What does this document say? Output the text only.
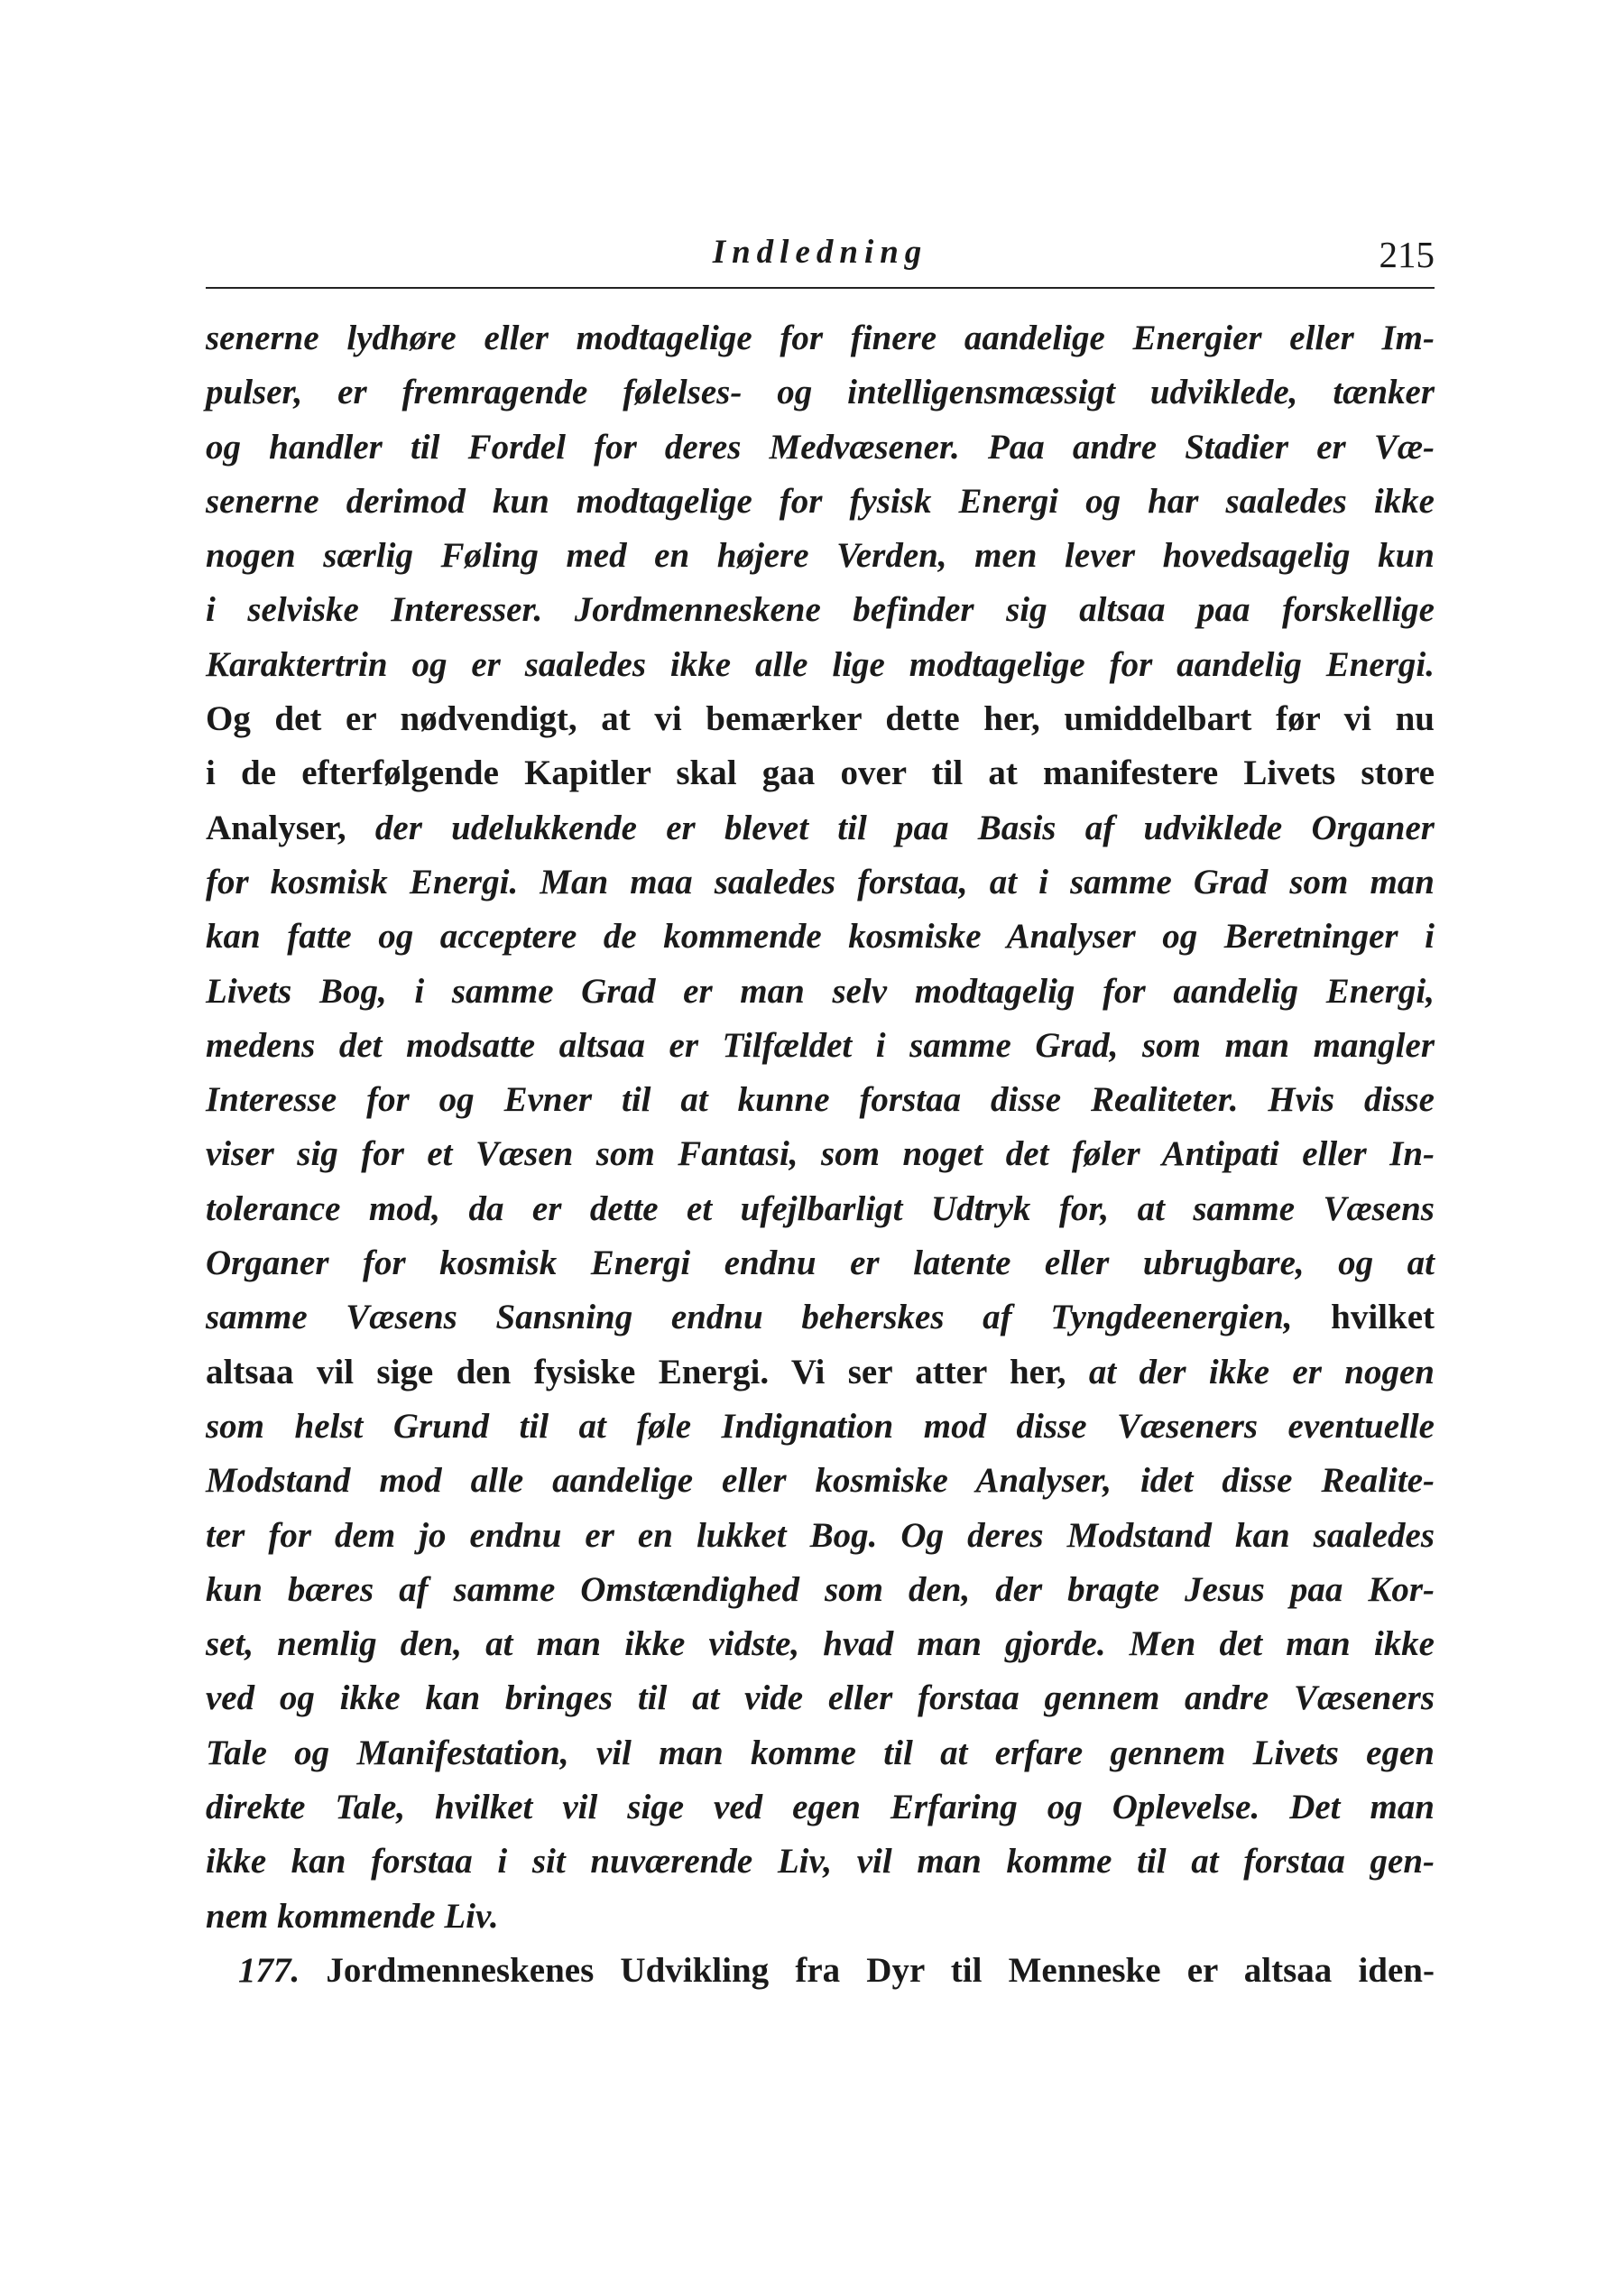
Indledning	215
senerne lydhøre eller modtagelige for finere aandelige Energier eller Im-
pulser, er fremragende følelses- og intelligensmæssigt udviklede, tænker
og handler til Fordel for deres Medvæsener. Paa andre Stadier er Væ-
senerne derimod kun modtagelige for fysisk Energi og har saaledes ikke
nogen særlig Føling med en højere Verden, men lever hovedsagelig kun
i selviske Interesser. Jordmenneskene befinder sig altsaa paa forskellige
Karaktertrin og er saaledes ikke alle lige modtagelige for aandelig Energi.
Og det er nødvendigt, at vi bemærker dette her, umiddelbart før vi nu
i de efterfølgende Kapitler skal gaa over til at manifestere Livets store
Analyser, der udelukkende er blevet til paa Basis af udviklede Organer
for kosmisk Energi. Man maa saaledes forstaa, at i samme Grad som man
kan fatte og acceptere de kommende kosmiske Analyser og Beretninger i
Livets Bog, i samme Grad er man selv modtagelig for aandelig Energi,
medens det modsatte altsaa er Tilfældet i samme Grad, som man mangler
Interesse for og Evner til at kunne forstaa disse Realiteter. Hvis disse
viser sig for et Væsen som Fantasi, som noget det føler Antipati eller In-
tolerance mod, da er dette et ufejlbarligt Udtryk for, at samme Væsens
Organer for kosmisk Energi endnu er latente eller ubrugbare, og at
samme Væsens Sansning endnu beherskes af Tyngdeenergien, hvilket
altsaa vil sige den fysiske Energi. Vi ser atter her, at der ikke er nogen
som helst Grund til at føle Indignation mod disse Væseners eventuelle
Modstand mod alle aandelige eller kosmiske Analyser, idet disse Realite-
ter for dem jo endnu er en lukket Bog. Og deres Modstand kan saaledes
kun bæres af samme Omstændighed som den, der bragte Jesus paa Kor-
set, nemlig den, at man ikke vidste, hvad man gjorde. Men det man ikke
ved og ikke kan bringes til at vide eller forstaa gennem andre Væseners
Tale og Manifestation, vil man komme til at erfare gennem Livets egen
direkte Tale, hvilket vil sige ved egen Erfaring og Oplevelse. Det man
ikke kan forstaa i sit nuværende Liv, vil man komme til at forstaa gen-
nem kommende Liv.
177. Jordmenneskenes Udvikling fra Dyr til Menneske er altsaa iden-
